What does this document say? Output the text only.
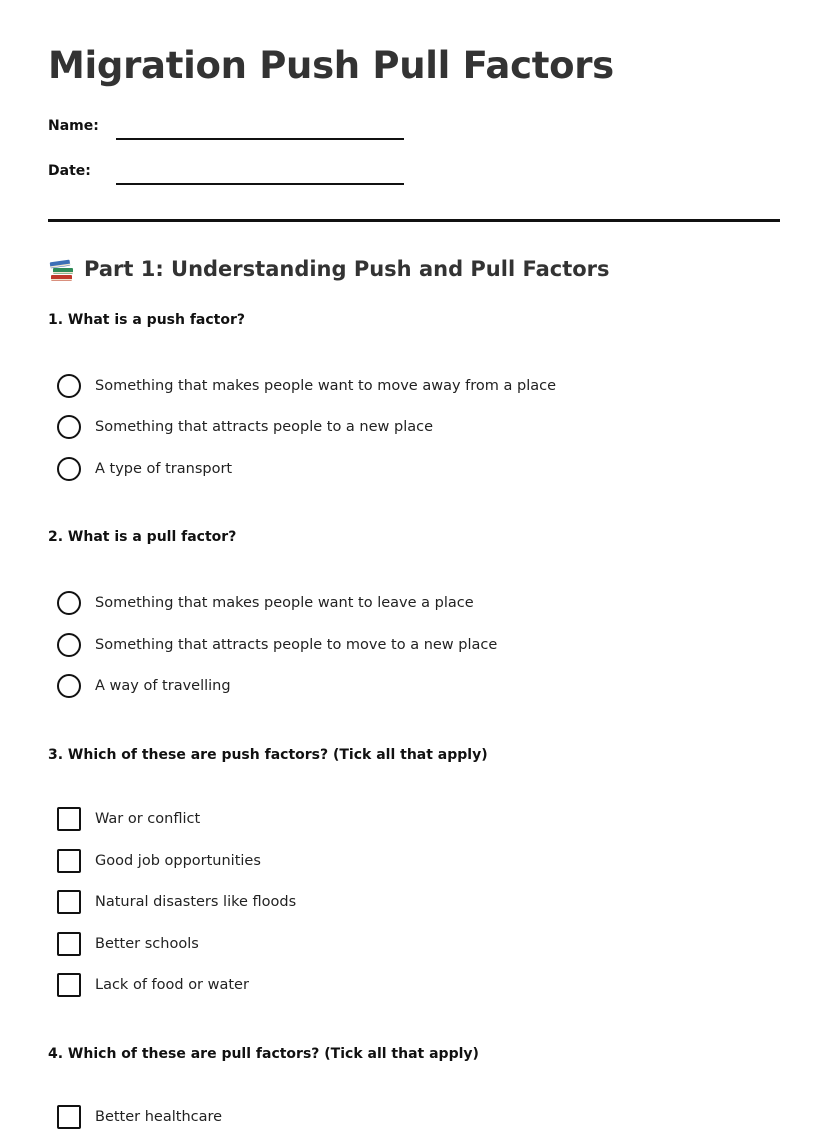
Migration Push Pull Factors
Name:
Date:
Part 1: Understanding Push and Pull Factors

1. What is a push factor?

Something that makes people want to move away from a place
Something that attracts people to a new place
A type of transport

2. What is a pull factor?

Something that makes people want to leave a place
Something that attracts people to move to a new place
A way of travelling

3. Which of these are push factors? (Tick all that apply)

War or conflict
Good job opportunities
Natural disasters like floods
Better schools
Lack of food or water

4. Which of these are pull factors? (Tick all that apply)

Better healthcare
